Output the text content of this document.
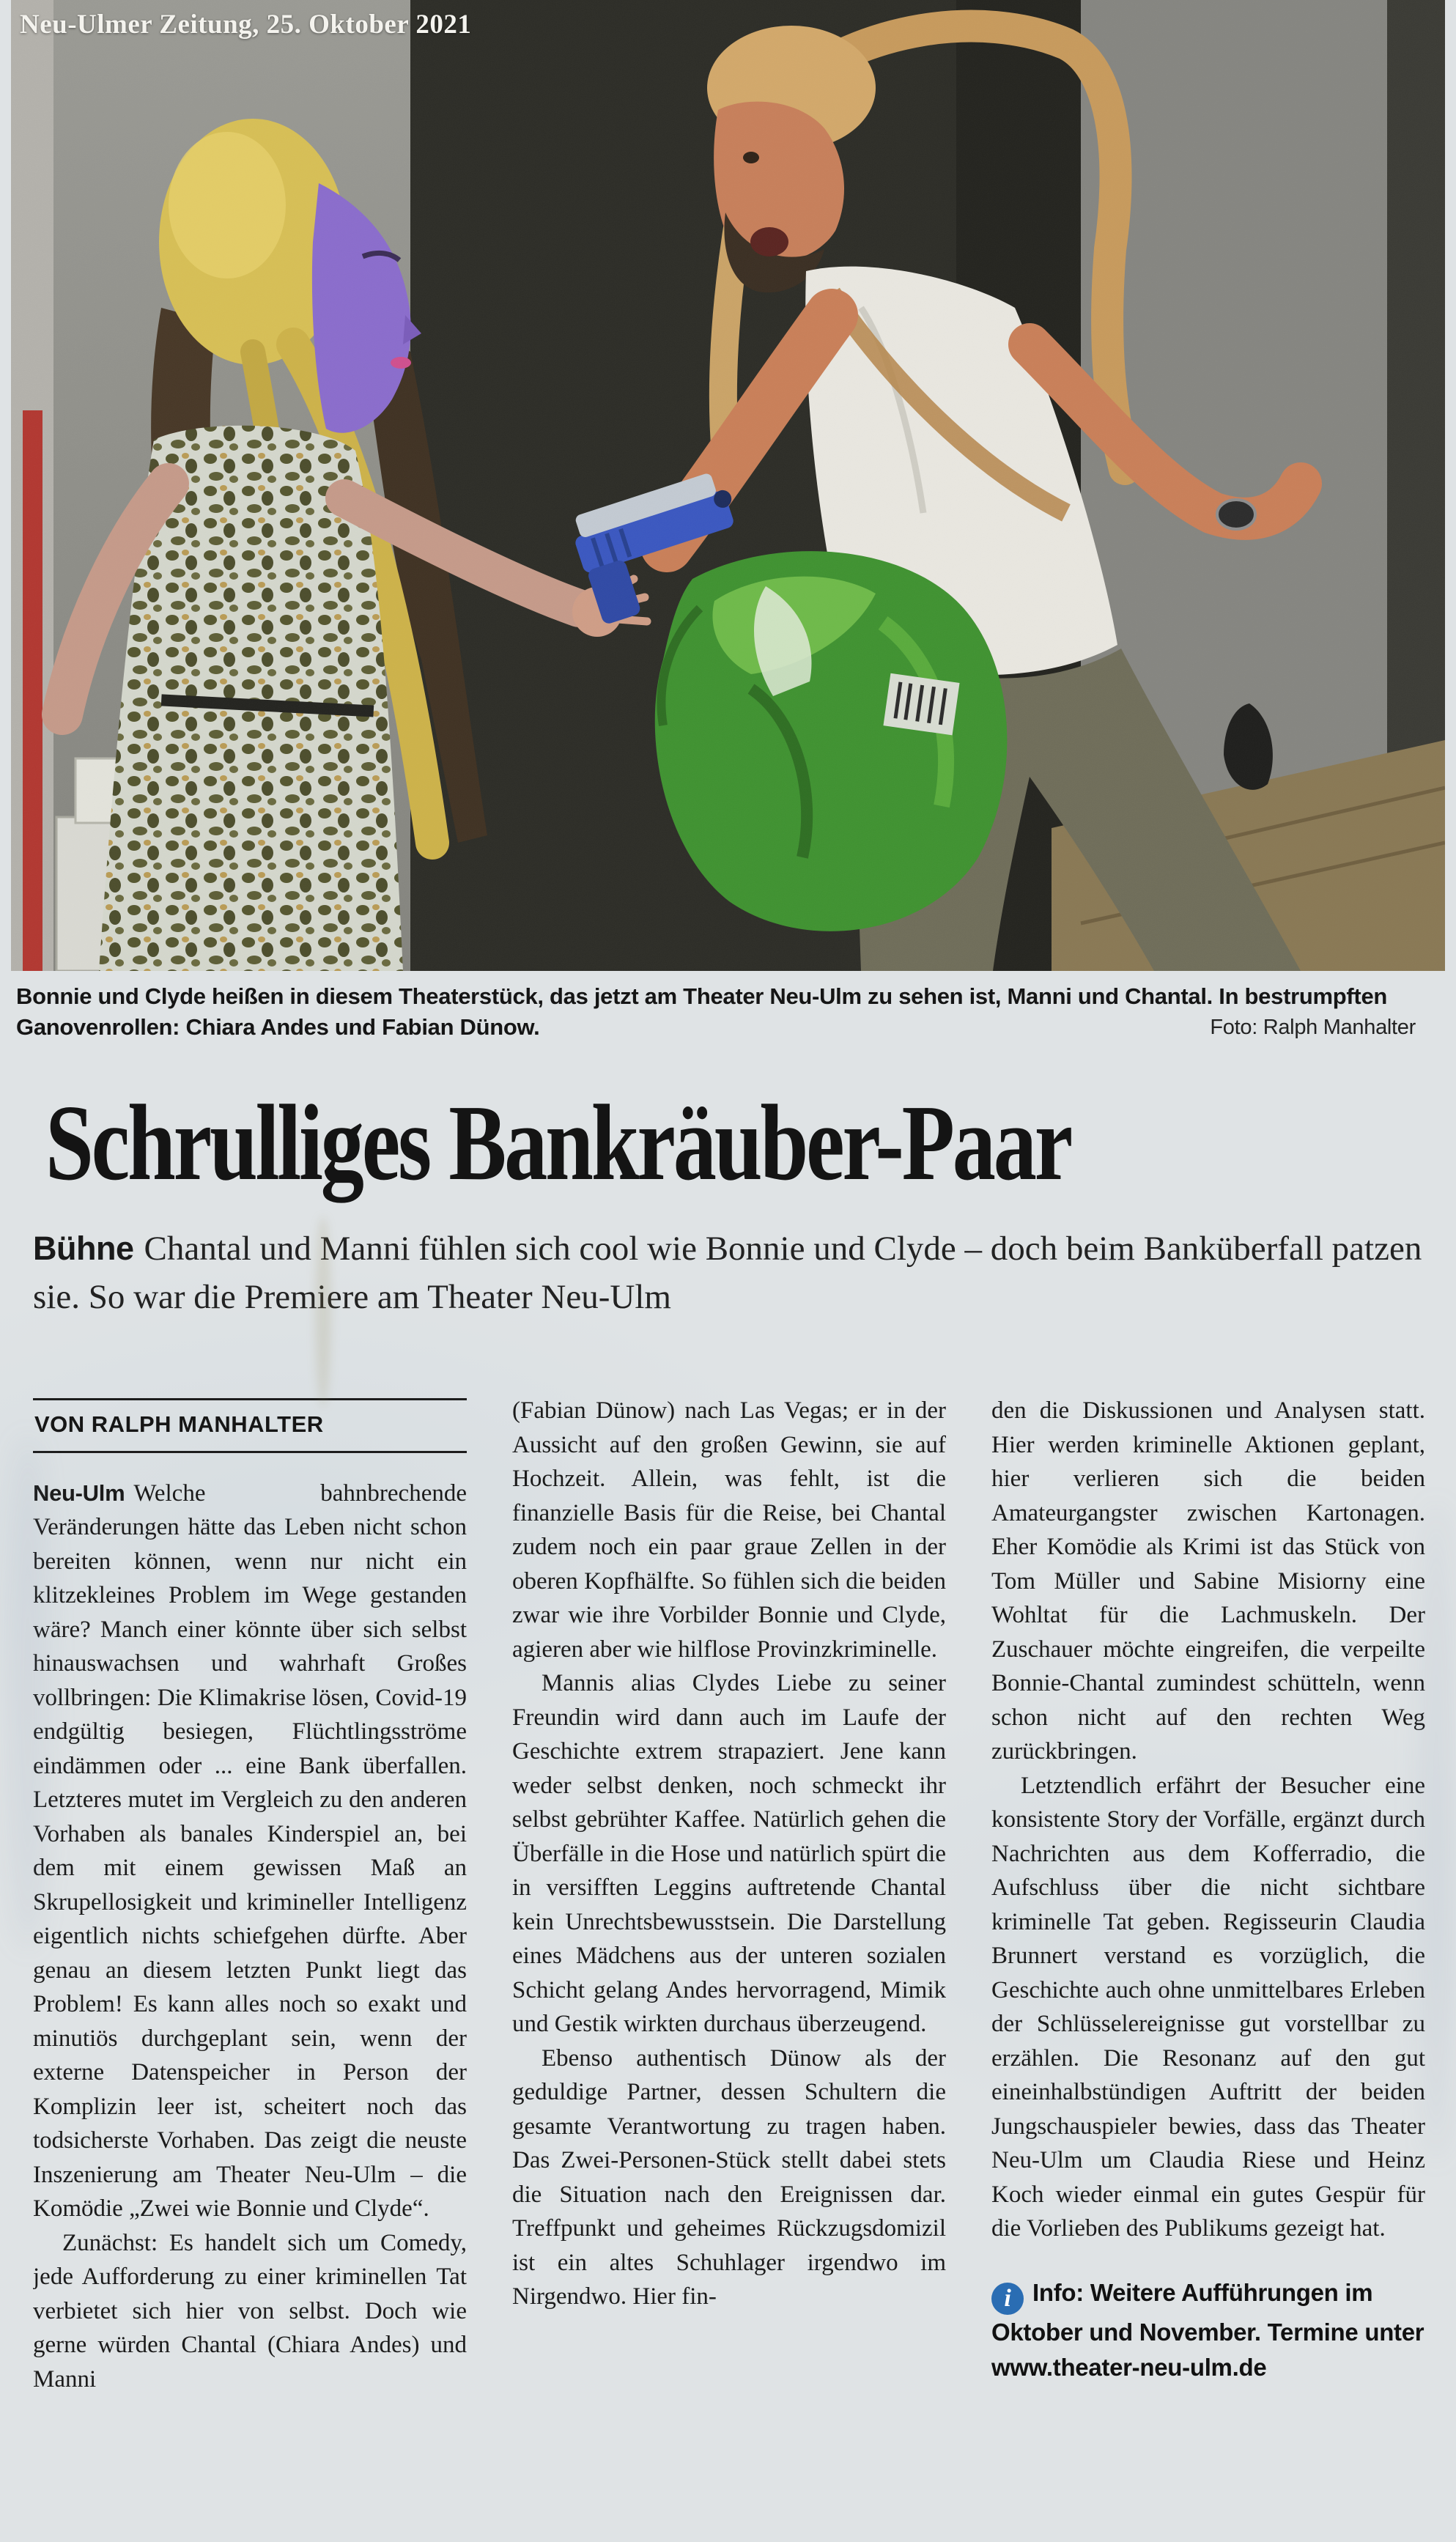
Neu-Ulmer Zeitung, 25. Oktober 2021
Bonnie und Clyde heißen in diesem Theaterstück, das jetzt am Theater Neu-Ulm zu sehen ist, Manni und Chantal. In bestrumpften Ganovenrollen: Chiara Andes und Fabian Dünow.	Foto: Ralph Manhalter
Schrulliges Bankräuber-Paar
Bühne Chantal und Manni fühlen sich cool wie Bonnie und Clyde – doch beim Banküberfall patzen sie. So war die Premiere am Theater Neu-Ulm
VON RALPH MANHALTER

Neu-Ulm Welche bahnbrechende Veränderungen hätte das Leben nicht schon bereiten können, wenn nur nicht ein klitzekleines Problem im Wege gestanden wäre? Manch einer könnte über sich selbst hinauswachsen und wahrhaft Großes vollbringen: Die Klimakrise lösen, Covid-19 endgültig besiegen, Flüchtlingsströme eindämmen oder ... eine Bank überfallen. Letzteres mutet im Vergleich zu den anderen Vorhaben als banales Kinderspiel an, bei dem mit einem gewissen Maß an Skrupellosigkeit und krimineller Intelligenz eigentlich nichts schiefgehen dürfte. Aber genau an diesem letzten Punkt liegt das Problem! Es kann alles noch so exakt und minutiös durchgeplant sein, wenn der externe Datenspeicher in Person der Komplizin leer ist, scheitert noch das todsicherste Vorhaben. Das zeigt die neuste Inszenierung am Theater Neu-Ulm – die Komödie „Zwei wie Bonnie und Clyde“.

Zunächst: Es handelt sich um Comedy, jede Aufforderung zu einer kriminellen Tat verbietet sich hier von selbst. Doch wie gerne würden Chantal (Chiara Andes) und Manni

(Fabian Dünow) nach Las Vegas; er in der Aussicht auf den großen Gewinn, sie auf Hochzeit. Allein, was fehlt, ist die finanzielle Basis für die Reise, bei Chantal zudem noch ein paar graue Zellen in der oberen Kopfhälfte. So fühlen sich die beiden zwar wie ihre Vorbilder Bonnie und Clyde, agieren aber wie hilflose Provinzkriminelle.

Mannis alias Clydes Liebe zu seiner Freundin wird dann auch im Laufe der Geschichte extrem strapaziert. Jene kann weder selbst denken, noch schmeckt ihr selbst gebrühter Kaffee. Natürlich gehen die Überfälle in die Hose und natürlich spürt die in versifften Leggins auftretende Chantal kein Unrechtsbewusstsein. Die Darstellung eines Mädchens aus der unteren sozialen Schicht gelang Andes hervorragend, Mimik und Gestik wirkten durchaus überzeugend.

Ebenso authentisch Dünow als der geduldige Partner, dessen Schultern die gesamte Verantwortung zu tragen haben. Das Zwei-Personen-Stück stellt dabei stets die Situation nach den Ereignissen dar. Treffpunkt und geheimes Rückzugsdomizil ist ein altes Schuhlager irgendwo im Nirgendwo. Hier fin-

den die Diskussionen und Analysen statt. Hier werden kriminelle Aktionen geplant, hier verlieren sich die beiden Amateurgangster zwischen Kartonagen. Eher Komödie als Krimi ist das Stück von Tom Müller und Sabine Misiorny eine Wohltat für die Lachmuskeln. Der Zuschauer möchte eingreifen, die verpeilte Bonnie-Chantal zumindest schütteln, wenn schon nicht auf den rechten Weg zurückbringen.

Letztendlich erfährt der Besucher eine konsistente Story der Vorfälle, ergänzt durch Nachrichten aus dem Kofferradio, die Aufschluss über die nicht sichtbare kriminelle Tat geben. Regisseurin Claudia Brunnert verstand es vorzüglich, die Geschichte auch ohne unmittelbares Erleben der Schlüsselereignisse gut vorstellbar zu erzählen. Die Resonanz auf den gut eineinhalbstündigen Auftritt der beiden Jungschauspieler bewies, dass das Theater Neu-Ulm um Claudia Riese und Heinz Koch wieder einmal ein gutes Gespür für die Vorlieben des Publikums gezeigt hat.

i Info: Weitere Aufführungen im Oktober und November. Termine unter www.theater-neu-ulm.de
